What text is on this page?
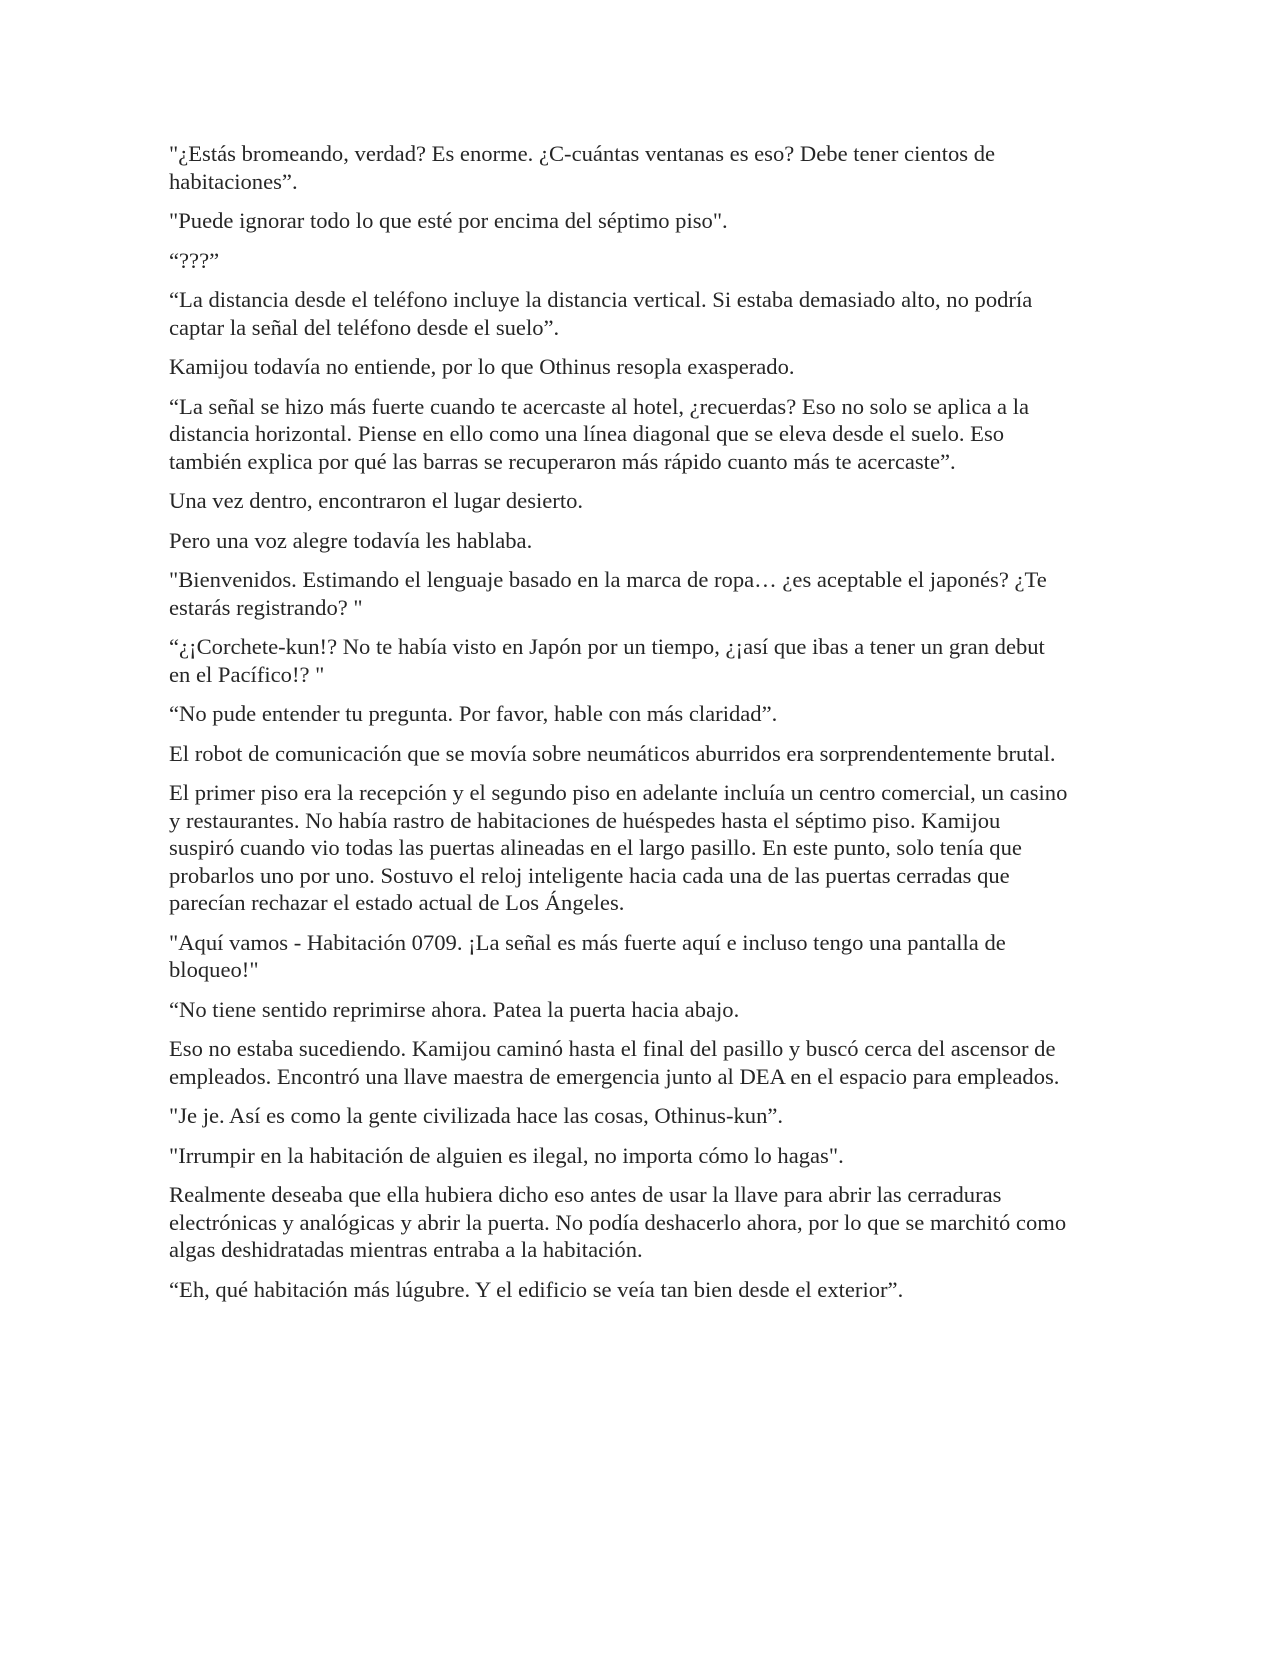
"¿Estás bromeando, verdad? Es enorme. ¿C-cuántas ventanas es eso? Debe tener cientos de habitaciones”.

"Puede ignorar todo lo que esté por encima del séptimo piso".

“???”

“La distancia desde el teléfono incluye la distancia vertical. Si estaba demasiado alto, no podría captar la señal del teléfono desde el suelo”.

Kamijou todavía no entiende, por lo que Othinus resopla exasperado.

“La señal se hizo más fuerte cuando te acercaste al hotel, ¿recuerdas? Eso no solo se aplica a la distancia horizontal. Piense en ello como una línea diagonal que se eleva desde el suelo. Eso también explica por qué las barras se recuperaron más rápido cuanto más te acercaste”.

Una vez dentro, encontraron el lugar desierto.

Pero una voz alegre todavía les hablaba.

"Bienvenidos. Estimando el lenguaje basado en la marca de ropa… ¿es aceptable el japonés? ¿Te estarás registrando? "

“¿¡Corchete-kun!? No te había visto en Japón por un tiempo, ¿¡así que ibas a tener un gran debut en el Pacífico!? "

“No pude entender tu pregunta. Por favor, hable con más claridad”.

El robot de comunicación que se movía sobre neumáticos aburridos era sorprendentemente brutal.

El primer piso era la recepción y el segundo piso en adelante incluía un centro comercial, un casino y restaurantes. No había rastro de habitaciones de huéspedes hasta el séptimo piso. Kamijou suspiró cuando vio todas las puertas alineadas en el largo pasillo. En este punto, solo tenía que probarlos uno por uno. Sostuvo el reloj inteligente hacia cada una de las puertas cerradas que parecían rechazar el estado actual de Los Ángeles.

"Aquí vamos - Habitación 0709. ¡La señal es más fuerte aquí e incluso tengo una pantalla de bloqueo!"

“No tiene sentido reprimirse ahora. Patea la puerta hacia abajo.

Eso no estaba sucediendo. Kamijou caminó hasta el final del pasillo y buscó cerca del ascensor de empleados. Encontró una llave maestra de emergencia junto al DEA en el espacio para empleados.

"Je je. Así es como la gente civilizada hace las cosas, Othinus-kun”.

"Irrumpir en la habitación de alguien es ilegal, no importa cómo lo hagas".

Realmente deseaba que ella hubiera dicho eso antes de usar la llave para abrir las cerraduras electrónicas y analógicas y abrir la puerta. No podía deshacerlo ahora, por lo que se marchitó como algas deshidratadas mientras entraba a la habitación.

“Eh, qué habitación más lúgubre. Y el edificio se veía tan bien desde el exterior”.
